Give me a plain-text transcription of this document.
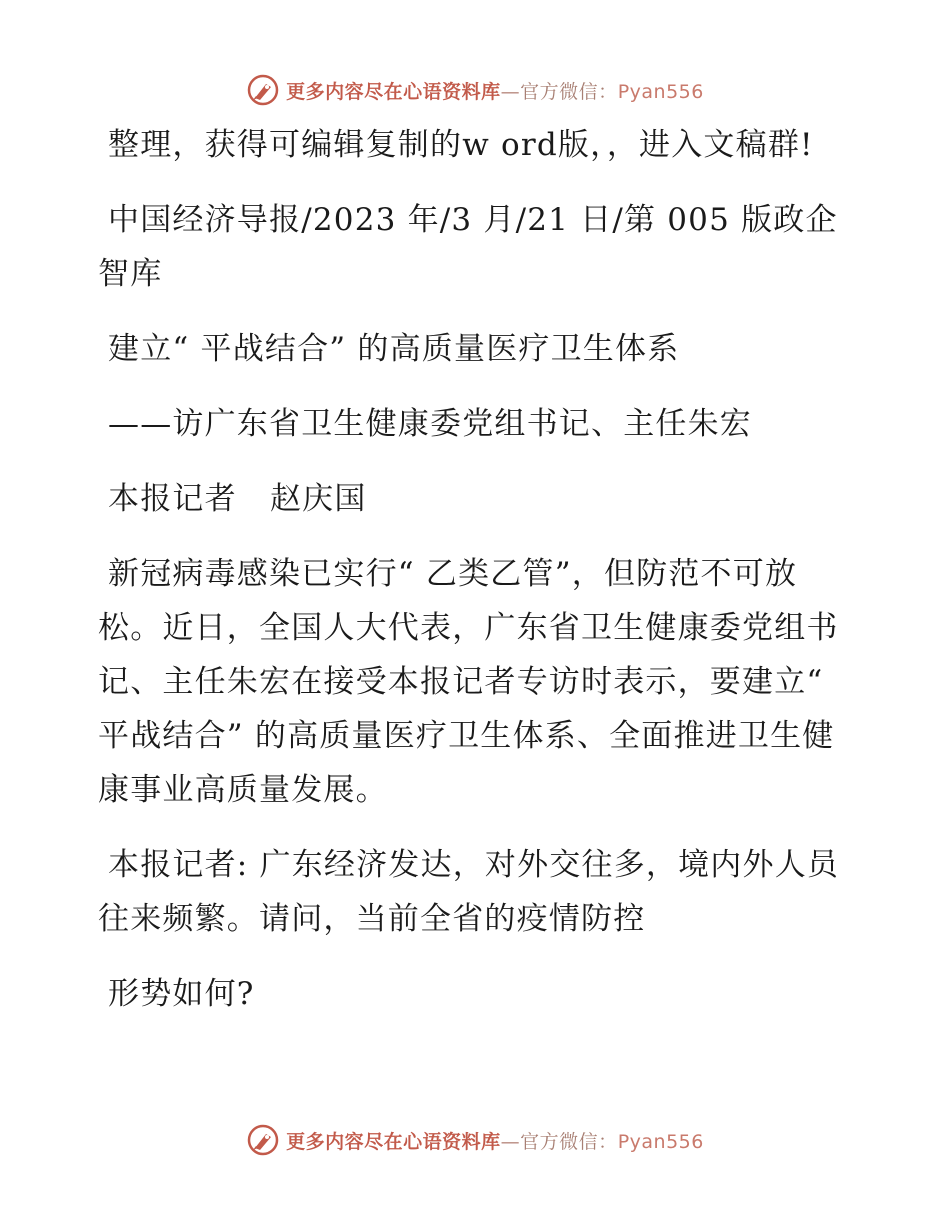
更多内容尽在心语资料库—官方微信：Pyan556

整理，获得可编辑复制的w ord版，，进入文稿群!

中国经济导报/2023 年/3 月/21 日/第 005 版政企智库

建立“ 平战结合” 的高质量医疗卫生体系

——访广东省卫生健康委党组书记、主任朱宏

本报记者   赵庆国

新冠病毒感染已实行“ 乙类乙管”，但防范不可放松。近日，全国人大代表，广东省卫生健康委党组书记、主任朱宏在接受本报记者专访时表示，要建立“ 平战结合” 的高质量医疗卫生体系、全面推进卫生健康事业高质量发展。

本报记者: 广东经济发达，对外交往多，境内外人员往来频繁。请问，当前全省的疫情防控

形势如何?

更多内容尽在心语资料库—官方微信：Pyan556
